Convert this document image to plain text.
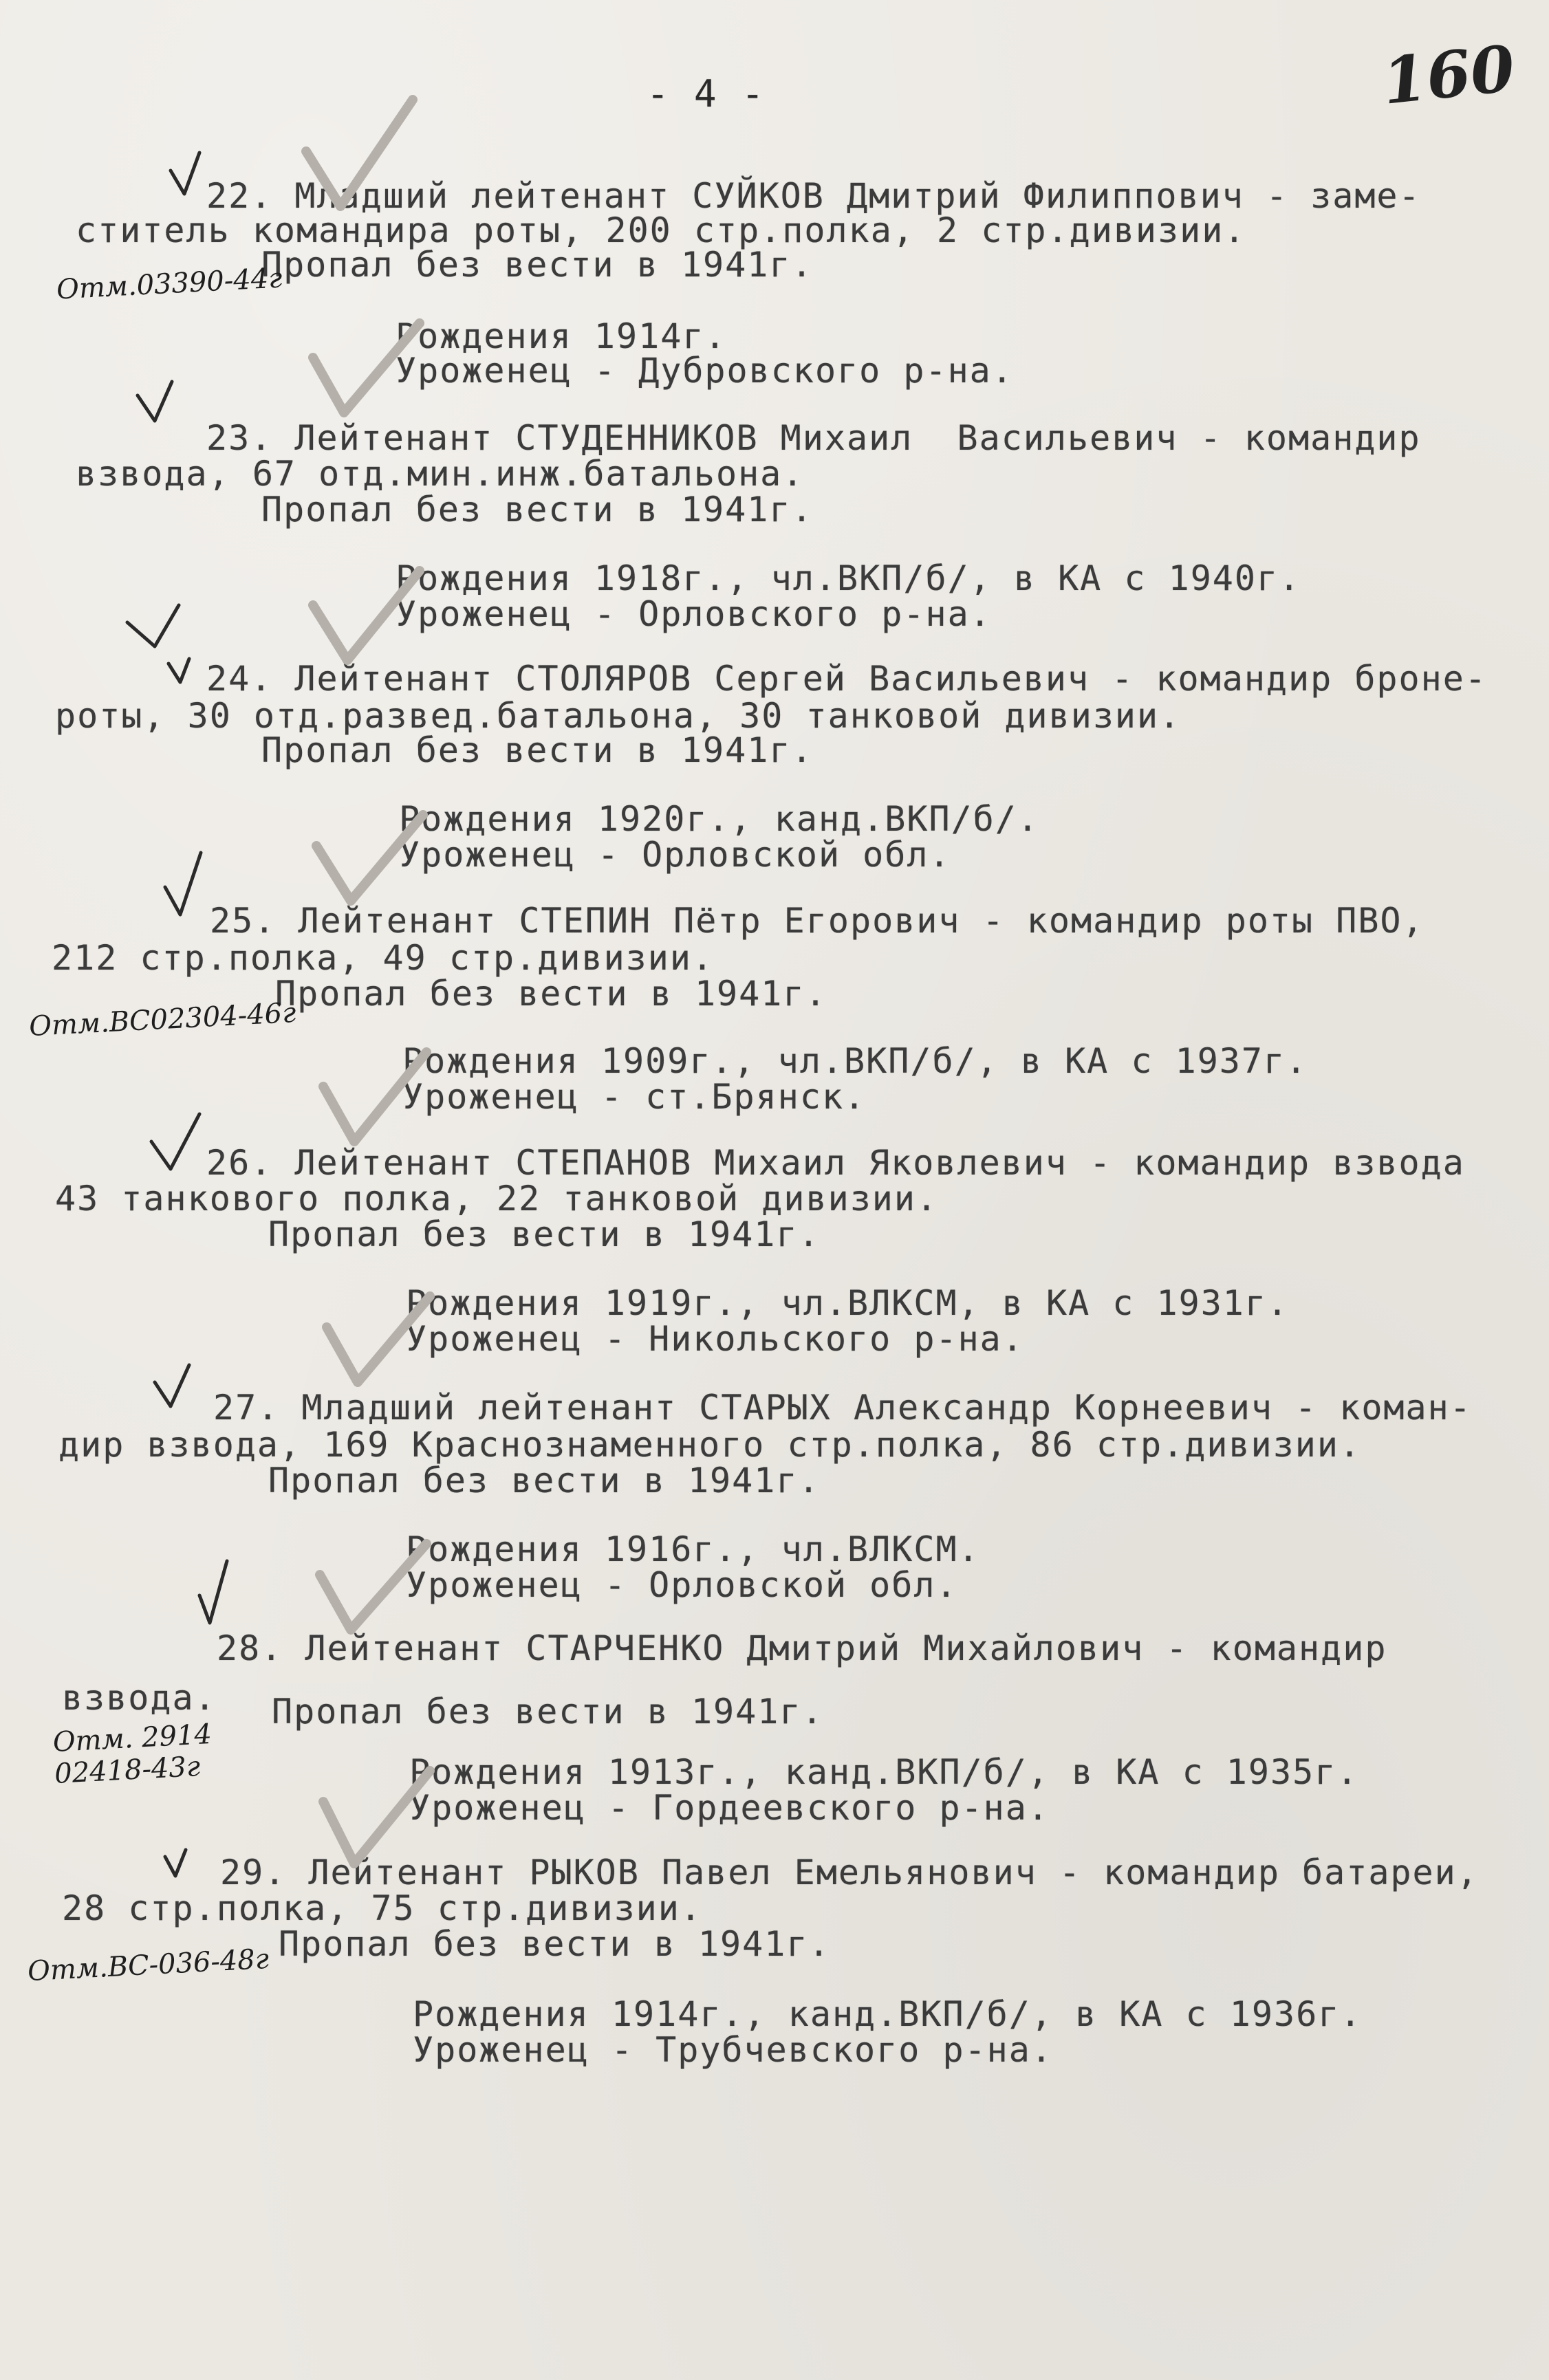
- 4 -	160
22. Младший лейтенант СУЙКОВ Дмитрий Филиппович - заме-
ститель командира роты, 200 стр.полка, 2 стр.дивизии.
Пропал без вести в 1941г.
Рождения 1914г.
Уроженец - Дубровского р-на.
Отм.03390-44г
23. Лейтенант СТУДЕННИКОВ Михаил  Васильевич - командир
взвода, 67 отд.мин.инж.батальона.
Пропал без вести в 1941г.
Рождения 1918г., чл.ВКП/б/, в КА с 1940г.
Уроженец - Орловского р-на.
24. Лейтенант СТОЛЯРОВ Сергей Васильевич - командир броне-
роты, 30 отд.развед.батальона, 30 танковой дивизии.
Пропал без вести в 1941г.
Рождения 1920г., канд.ВКП/б/.
Уроженец - Орловской обл.
25. Лейтенант СТЕПИН Пётр Егорович - командир роты ПВО,
212 стр.полка, 49 стр.дивизии.
Пропал без вести в 1941г.
Рождения 1909г., чл.ВКП/б/, в КА с 1937г.
Уроженец - ст.Брянск.
Отм.ВС02304-46г
26. Лейтенант СТЕПАНОВ Михаил Яковлевич - командир взвода
43 танкового полка, 22 танковой дивизии.
Пропал без вести в 1941г.
Рождения 1919г., чл.ВЛКСМ, в КА с 1931г.
Уроженец - Никольского р-на.
27. Младший лейтенант СТАРЫХ Александр Корнеевич - коман-
дир взвода, 169 Краснознаменного стр.полка, 86 стр.дивизии.
Пропал без вести в 1941г.
Рождения 1916г., чл.ВЛКСМ.
Уроженец - Орловской обл.
28. Лейтенант СТАРЧЕНКО Дмитрий Михайлович - командир
взвода. Пропал без вести в 1941г.
Рождения 1913г., канд.ВКП/б/, в КА с 1935г.
Уроженец - Гордеевского р-на.
Отм. 2914
02418-43г
29. Лейтенант РЫКОВ Павел Емельянович - командир батареи,
28 стр.полка, 75 стр.дивизии.
Пропал без вести в 1941г.
Рождения 1914г., канд.ВКП/б/, в КА с 1936г.
Уроженец - Трубчевского р-на.
Отм.ВС-036-48г
